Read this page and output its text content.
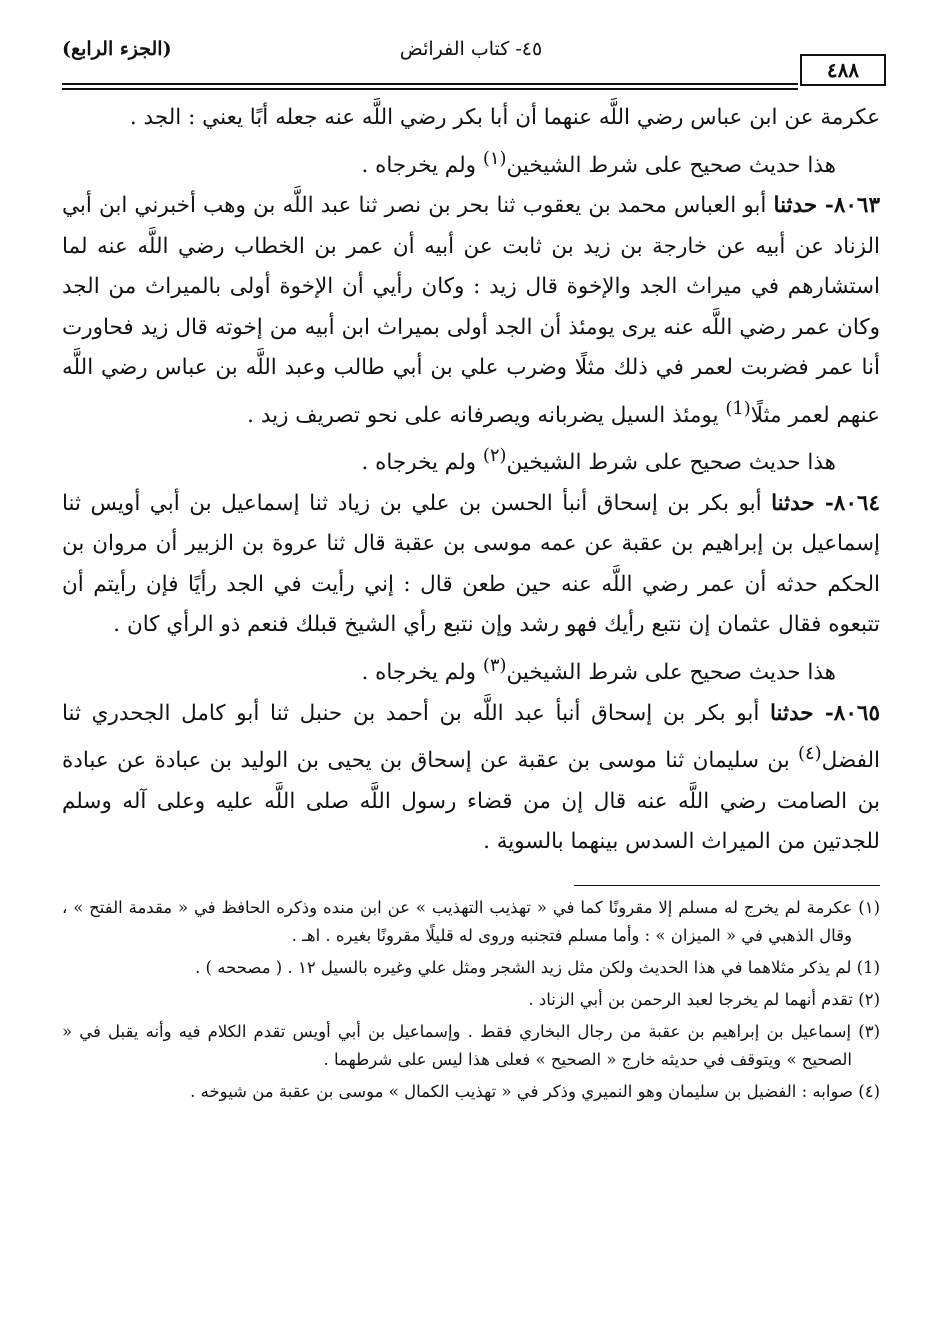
(الجزء الرابع)	٤٥- كتاب الفرائض
٤٨٨

عكرمة عن ابن عباس رضي اللَّه عنهما أن أبا بكر رضي اللَّه عنه جعله أبًا يعني : الجد .

هذا حديث صحيح على شرط الشيخين$^{(١)}$ ولم يخرجاه .

٨٠٦٣- حدثنا أبو العباس محمد بن يعقوب ثنا بحر بن نصر ثنا عبد اللَّه بن وهب أخبرني ابن أبي الزناد عن أبيه عن خارجة بن زيد بن ثابت عن أبيه أن عمر بن الخطاب رضي اللَّه عنه لما استشارهم في ميراث الجد والإخوة قال زيد : وكان رأيي أن الإخوة أولى بالميراث من الجد وكان عمر رضي اللَّه عنه يرى يومئذ أن الجد أولى بميراث ابن أبيه من إخوته قال زيد فحاورت أنا عمر فضربت لعمر في ذلك مثلًا وضرب علي بن أبي طالب وعبد اللَّه بن عباس رضي اللَّه عنهم لعمر مثلًا$^{(1)}$ يومئذ السيل يضربانه ويصرفانه على نحو تصريف زيد .

هذا حديث صحيح على شرط الشيخين$^{(٢)}$ ولم يخرجاه .

٨٠٦٤- حدثنا أبو بكر بن إسحاق أنبأ الحسن بن علي بن زياد ثنا إسماعيل بن أبي أويس ثنا إسماعيل بن إبراهيم بن عقبة عن عمه موسى بن عقبة قال ثنا عروة بن الزبير أن مروان بن الحكم حدثه أن عمر رضي اللَّه عنه حين طعن قال : إني رأيت في الجد رأيًا فإن رأيتم أن تتبعوه فقال عثمان إن نتبع رأيك فهو رشد وإن نتبع رأي الشيخ قبلك فنعم ذو الرأي كان .

هذا حديث صحيح على شرط الشيخين$^{(٣)}$ ولم يخرجاه .

٨٠٦٥- حدثنا أبو بكر بن إسحاق أنبأ عبد اللَّه بن أحمد بن حنبل ثنا أبو كامل الجحدري ثنا الفضل$^{(٤)}$ بن سليمان ثنا موسى بن عقبة عن إسحاق بن يحيى بن الوليد بن عبادة عن عبادة بن الصامت رضي اللَّه عنه قال إن من قضاء رسول اللَّه صلى اللَّه عليه وعلى آله وسلم للجدتين من الميراث السدس بينهما بالسوية .

(١) عكرمة لم يخرج له مسلم إلا مقرونًا كما في « تهذيب التهذيب » عن ابن منده وذكره الحافظ في « مقدمة الفتح » ، وقال الذهبي في « الميزان » : وأما مسلم فتجنبه وروى له قليلًا مقرونًا بغيره . اهـ .

(1) لم يذكر مثلاهما في هذا الحديث ولكن مثل زيد الشجر ومثل علي وغيره بالسيل ١٢ . ( مصححه ) .

(٢) تقدم أنهما لم يخرجا لعبد الرحمن بن أبي الزناد .

(٣) إسماعيل بن إبراهيم بن عقبة من رجال البخاري فقط . وإسماعيل بن أبي أويس تقدم الكلام فيه وأنه يقبل في « الصحيح » ويتوقف في حديثه خارج « الصحيح » فعلى هذا ليس على شرطهما .

(٤) صوابه : الفضيل بن سليمان وهو النميري وذكر في « تهذيب الكمال » موسى بن عقبة من شيوخه .
